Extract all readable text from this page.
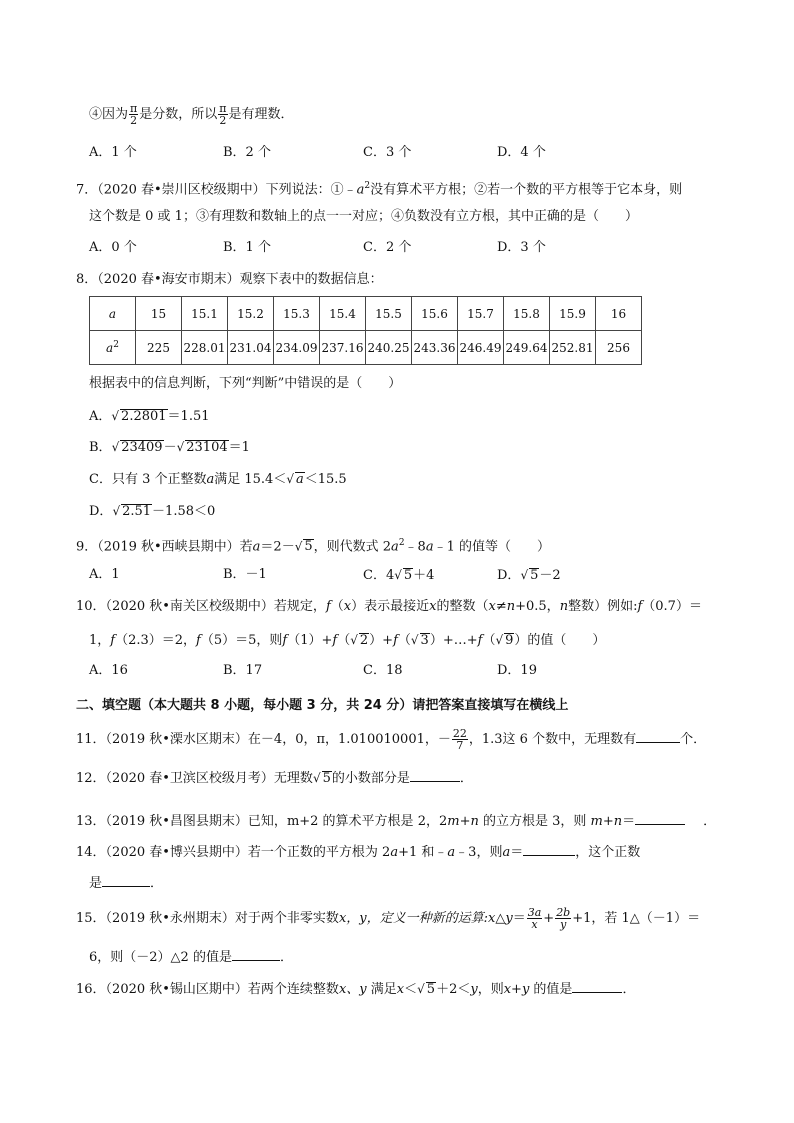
④因为 $\frac{\pi}{2}$ 是分数，所以 $\frac{\pi}{2}$ 是有理数．
A．1 个	B．2 个	C．3 个	D．4 个
7．（2020 春•崇川区校级期中）下列说法：$①﹣a^2$没有算术平方根；②若一个数的平方根等于它本身，则
这个数是 0 或 1；③有理数和数轴上的点一一对应；④负数没有立方根，其中正确的是（　　）
A．0 个	B．1 个	C．2 个	D．3 个
8．（2020 春•海安市期末）观察下表中的数据信息：
a	15	15.1	15.2	15.3	15.4	15.5	15.6	15.7	15.8	15.9	16
$a^2$	225	228.01	231.04	234.09	237.16	240.25	243.36	246.49	249.64	252.81	256
根据表中的信息判断，下列“判断”中错误的是（　　）
A．√ 2.2801＝1.51
B．√ 23409－√ 23104＝1
C．只有 3 个正整数a满足 15.4＜√ a＜15.5
D．√ 2.51－1.58＜0
9．（2019 秋•西峡县期中）若a＝2－√ 5，则代数式 $2a^2﹣8a﹣1$ 的值等（　　）
A．1	B．－1	C．4√ 5＋4	D．√ 5－2
10．（2020 秋•南关区校级期中）若规定，f（x）表示最接近x的整数（x≠n+0.5，n整数）例如:f（0.7）＝
1，f（2.3）＝2，f（5）＝5，则f（1）+f（√ 2）+f（√ 3）+…+f（√ 9）的值（　　）
A．16	B．17	C．18	D．19
二、填空题（本大题共 8 小题，每小题 3 分，共 24 分）请把答案直接填写在横线上
11．（2019 秋•溧水区期末）在－4，0，π，1.010010001，－ $\frac{22}{7}$ ，1.3这 6 个数中，无理数有	个．
12．（2020 春•卫滨区校级月考）无理数√ 5的小数部分是	．
13．（2019 秋•昌图县期末）已知，m+2 的算术平方根是 2，2m+n 的立方根是 3，则 m+n＝	．
14．（2020 春•博兴县期中）若一个正数的平方根为 2a+1 和﹣a﹣3，则a＝	，这个正数
是	．
15．（2019 秋•永州期末）对于两个非零实数x，y，定义一种新的运算:x△y＝ $\frac{3a}{x} + \frac{2b}{y} +1$，若 1△（－1）＝
6，则（－2）△2 的值是	．
16．（2020 秋•锡山区期中）若两个连续整数x、y 满足x＜√ 5＋2＜y，则x+y 的值是	．
